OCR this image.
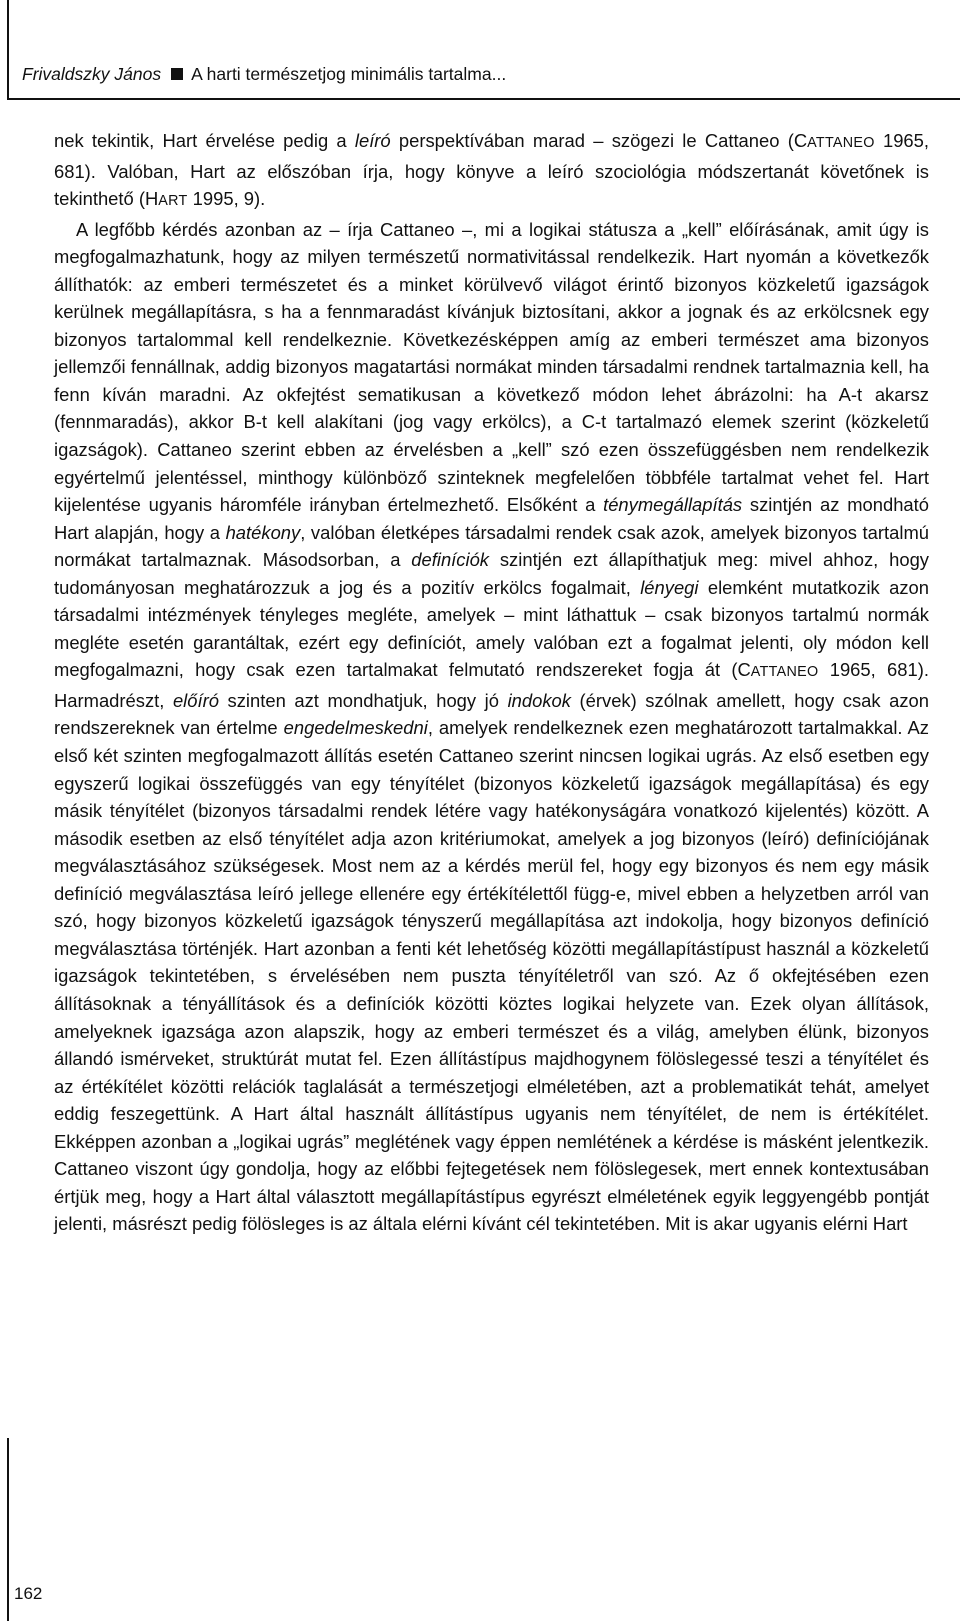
Frivaldszky János A harti természetjog minimális tartalma...

nek tekintik, Hart érvelése pedig a leíró perspektívában marad – szögezi le Cattaneo (CATTANEO 1965, 681). Valóban, Hart az előszóban írja, hogy könyve a leíró szociológia módszertanát követőnek is tekinthető (HART 1995, 9).

A legfőbb kérdés azonban az – írja Cattaneo –, mi a logikai státusza a „kell” előírásának, amit úgy is megfogalmazhatunk, hogy az milyen természetű normativitással rendelkezik. Hart nyomán a következők állíthatók: az emberi természetet és a minket körülvevő világot érintő bizonyos közkeletű igazságok kerülnek megállapításra, s ha a fennmaradást kívánjuk biztosítani, akkor a jognak és az erkölcsnek egy bizonyos tartalommal kell rendelkeznie. Következésképpen amíg az emberi természet ama bizonyos jellemzői fennállnak, addig bizonyos magatartási normákat minden társadalmi rendnek tartalmaznia kell, ha fenn kíván maradni. Az okfejtést sematikusan a következő módon lehet ábrázolni: ha A-t akarsz (fennmaradás), akkor B-t kell alakítani (jog vagy erkölcs), a C-t tartalmazó elemek szerint (közkeletű igazságok). Cattaneo szerint ebben az érvelésben a „kell” szó ezen összefüggésben nem rendelkezik egyértelmű jelentéssel, minthogy különböző szinteknek megfelelően többféle tartalmat vehet fel. Hart kijelentése ugyanis háromféle irányban értelmezhető. Elsőként a ténymegállapítás szintjén az mondható Hart alapján, hogy a hatékony, valóban életképes társadalmi rendek csak azok, amelyek bizonyos tartalmú normákat tartalmaznak. Másodsorban, a definíciók szintjén ezt állapíthatjuk meg: mivel ahhoz, hogy tudományosan meghatározzuk a jog és a pozitív erkölcs fogalmait, lényegi elemként mutatkozik azon társadalmi intézmények tényleges megléte, amelyek – mint láthattuk – csak bizonyos tartalmú normák megléte esetén garantáltak, ezért egy definíciót, amely valóban ezt a fogalmat jelenti, oly módon kell megfogalmazni, hogy csak ezen tartalmakat felmutató rendszereket fogja át (CATTANEO 1965, 681). Harmadrészt, előíró szinten azt mondhatjuk, hogy jó indokok (érvek) szólnak amellett, hogy csak azon rendszereknek van értelme engedelmeskedni, amelyek rendelkeznek ezen meghatározott tartalmakkal. Az első két szinten megfogalmazott állítás esetén Cattaneo szerint nincsen logikai ugrás. Az első esetben egy egyszerű logikai összefüggés van egy tényítélet (bizonyos közkeletű igazságok megállapítása) és egy másik tényítélet (bizonyos társadalmi rendek létére vagy hatékonyságára vonatkozó kijelentés) között. A második esetben az első tényítélet adja azon kritériumokat, amelyek a jog bizonyos (leíró) definíciójának megválasztásához szükségesek. Most nem az a kérdés merül fel, hogy egy bizonyos és nem egy másik definíció megválasztása leíró jellege ellenére egy értékítélettől függ-e, mivel ebben a helyzetben arról van szó, hogy bizonyos közkeletű igazságok tényszerű megállapítása azt indokolja, hogy bizonyos definíció megválasztása történjék. Hart azonban a fenti két lehetőség közötti megállapítástípust használ a közkeletű igazságok tekintetében, s érvelésében nem puszta tényítéletről van szó. Az ő okfejtésében ezen állításoknak a tényállítások és a definíciók közötti köztes logikai helyzete van. Ezek olyan állítások, amelyeknek igazsága azon alapszik, hogy az emberi természet és a világ, amelyben élünk, bizonyos állandó ismérveket, struktúrát mutat fel. Ezen állítástípus majdhogynem fölöslegessé teszi a tényítélet és az értékítélet közötti relációk taglalását a természetjogi elméletében, azt a problematikát tehát, amelyet eddig feszegettünk. A Hart által használt állítástípus ugyanis nem tényítélet, de nem is értékítélet. Ekképpen azonban a „logikai ugrás” meglétének vagy éppen nemlétének a kérdése is másként jelentkezik. Cattaneo viszont úgy gondolja, hogy az előbbi fejtegetések nem fölöslegesek, mert ennek kontextusában értjük meg, hogy a Hart által választott megállapítástípus egyrészt elméletének egyik leggyengébb pontját jelenti, másrészt pedig fölösleges is az általa elérni kívánt cél tekintetében. Mit is akar ugyanis elérni Hart

162
